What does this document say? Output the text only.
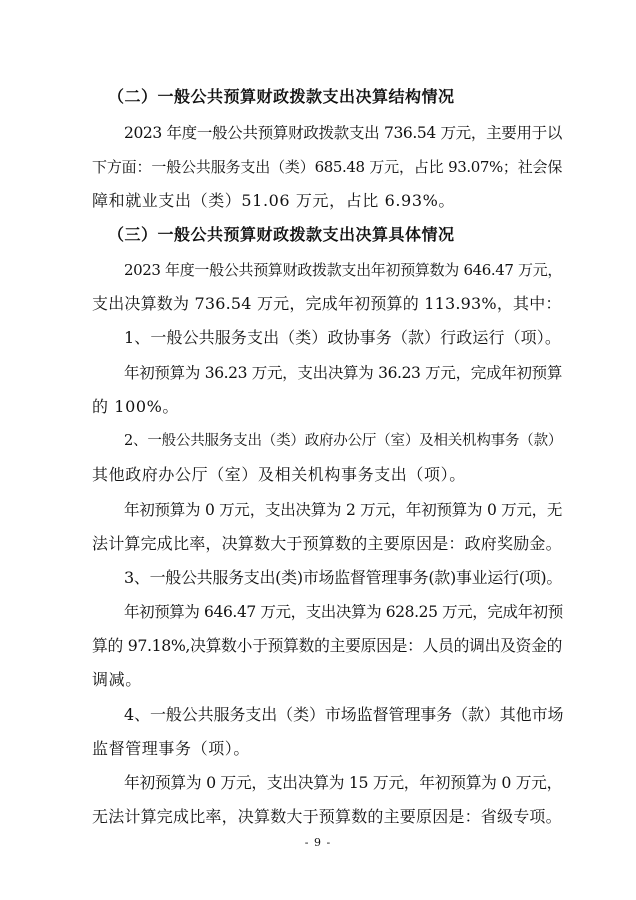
（二）一般公共预算财政拨款支出决算结构情况
2023 年度一般公共预算财政拨款支出 736.54 万元，主要用于以
下方面：一般公共服务支出（类）685.48 万元，占比 93.07%；社会保
障和就业支出（类）51.06 万元，占比 6.93%。
（三）一般公共预算财政拨款支出决算具体情况
2023 年度一般公共预算财政拨款支出年初预算数为 646.47 万元，
支出决算数为 736.54 万元，完成年初预算的 113.93%，其中：
1、一般公共服务支出（类）政协事务（款）行政运行（项）。
年初预算为 36.23 万元，支出决算为 36.23 万元，完成年初预算
的 100%。
2、一般公共服务支出（类）政府办公厅（室）及相关机构事务（款）
其他政府办公厅（室）及相关机构事务支出（项）。
年初预算为 0 万元，支出决算为 2 万元，年初预算为 0 万元，无
法计算完成比率，决算数大于预算数的主要原因是：政府奖励金。
3、一般公共服务支出(类)市场监督管理事务(款)事业运行(项)。
年初预算为 646.47 万元，支出决算为 628.25 万元，完成年初预
算的 97.18%,决算数小于预算数的主要原因是：人员的调出及资金的
调减。
4、一般公共服务支出（类）市场监督管理事务（款）其他市场
监督管理事务（项）。
年初预算为 0 万元，支出决算为 15 万元，年初预算为 0 万元，
无法计算完成比率，决算数大于预算数的主要原因是：省级专项。
- 9 -
